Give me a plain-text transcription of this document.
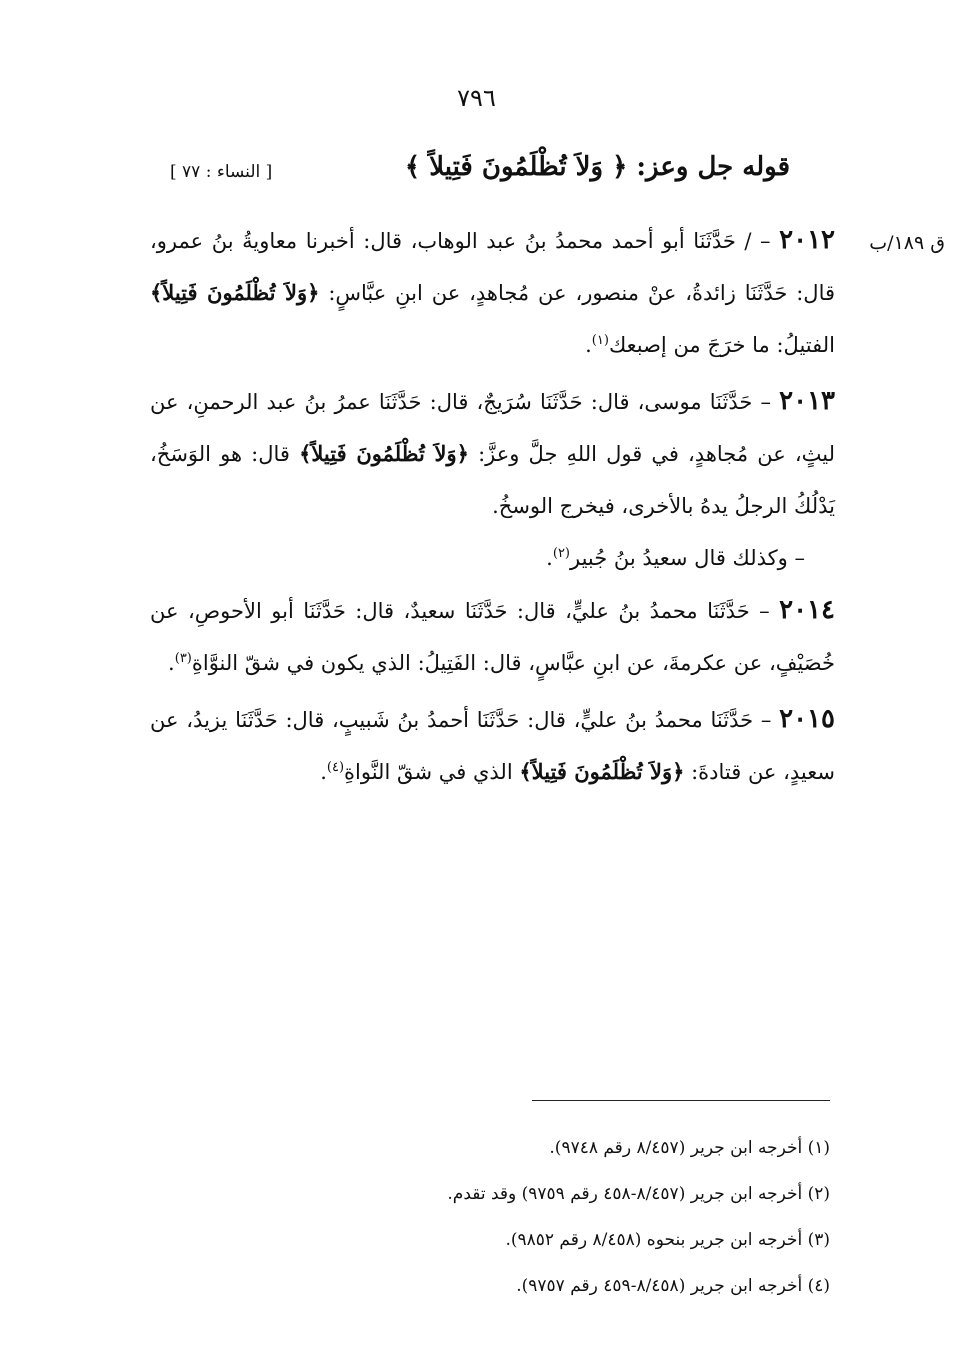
٧٩٦
قوله جل وعز: ﴿ وَلاَ تُظْلَمُونَ فَتِيلاً ﴾
[ النساء : ٧٧ ]
ق ١٨٩/ب

٢٠١٢ – / حَدَّثَنَا أبو أحمد محمدُ بنُ عبد الوهاب، قال: أخبرنا معاويةُ بنُ عمرو، قال: حَدَّثَنَا زائدةُ، عنْ منصور، عن مُجاهدٍ، عن ابنِ عبَّاسٍ: ﴿وَلاَ تُظْلَمُونَ فَتِيلاً﴾ الفتيلُ: ما خرَجَ من إصبعك$^{(١)}$.

٢٠١٣ – حَدَّثَنَا موسى، قال: حَدَّثَنَا سُرَيجٌ، قال: حَدَّثَنَا عمرُ بنُ عبد الرحمنِ، عن ليثٍ، عن مُجاهدٍ، في قول اللهِ جلَّ وعزَّ: ﴿وَلاَ تُظْلَمُونَ فَتِيلاً﴾ قال: هو الوَسَخُ، يَدْلُكُ الرجلُ يدهُ بالأخرى، فيخرج الوسخُ.

– وكذلك قال سعيدُ بنُ جُبير$^{(٢)}$.

٢٠١٤ – حَدَّثَنَا محمدُ بنُ عليٍّ، قال: حَدَّثَنَا سعيدٌ، قال: حَدَّثَنَا أبو الأحوصِ، عن خُصَيْفٍ، عن عكرمةَ، عن ابنِ عبَّاسٍ، قال: الفَتِيلُ: الذي يكون في شقّ النوَّاةِ$^{(٣)}$.

٢٠١٥ – حَدَّثَنَا محمدُ بنُ عليٍّ، قال: حَدَّثَنَا أحمدُ بنُ شَبيبٍ، قال: حَدَّثَنَا يزيدُ، عن سعيدٍ، عن قتادةَ: ﴿وَلاَ تُظْلَمُونَ فَتِيلاً﴾ الذي في شقّ النَّواةِ$^{(٤)}$.

(١) أخرجه ابن جرير (٨/٤٥٧ رقم ٩٧٤٨).

(٢) أخرجه ابن جرير (٨/٤٥٧-٤٥٨ رقم ٩٧٥٩) وقد تقدم.

(٣) أخرجه ابن جرير بنحوه (٨/٤٥٨ رقم ٩٨٥٢).

(٤) أخرجه ابن جرير (٨/٤٥٨-٤٥٩ رقم ٩٧٥٧).
